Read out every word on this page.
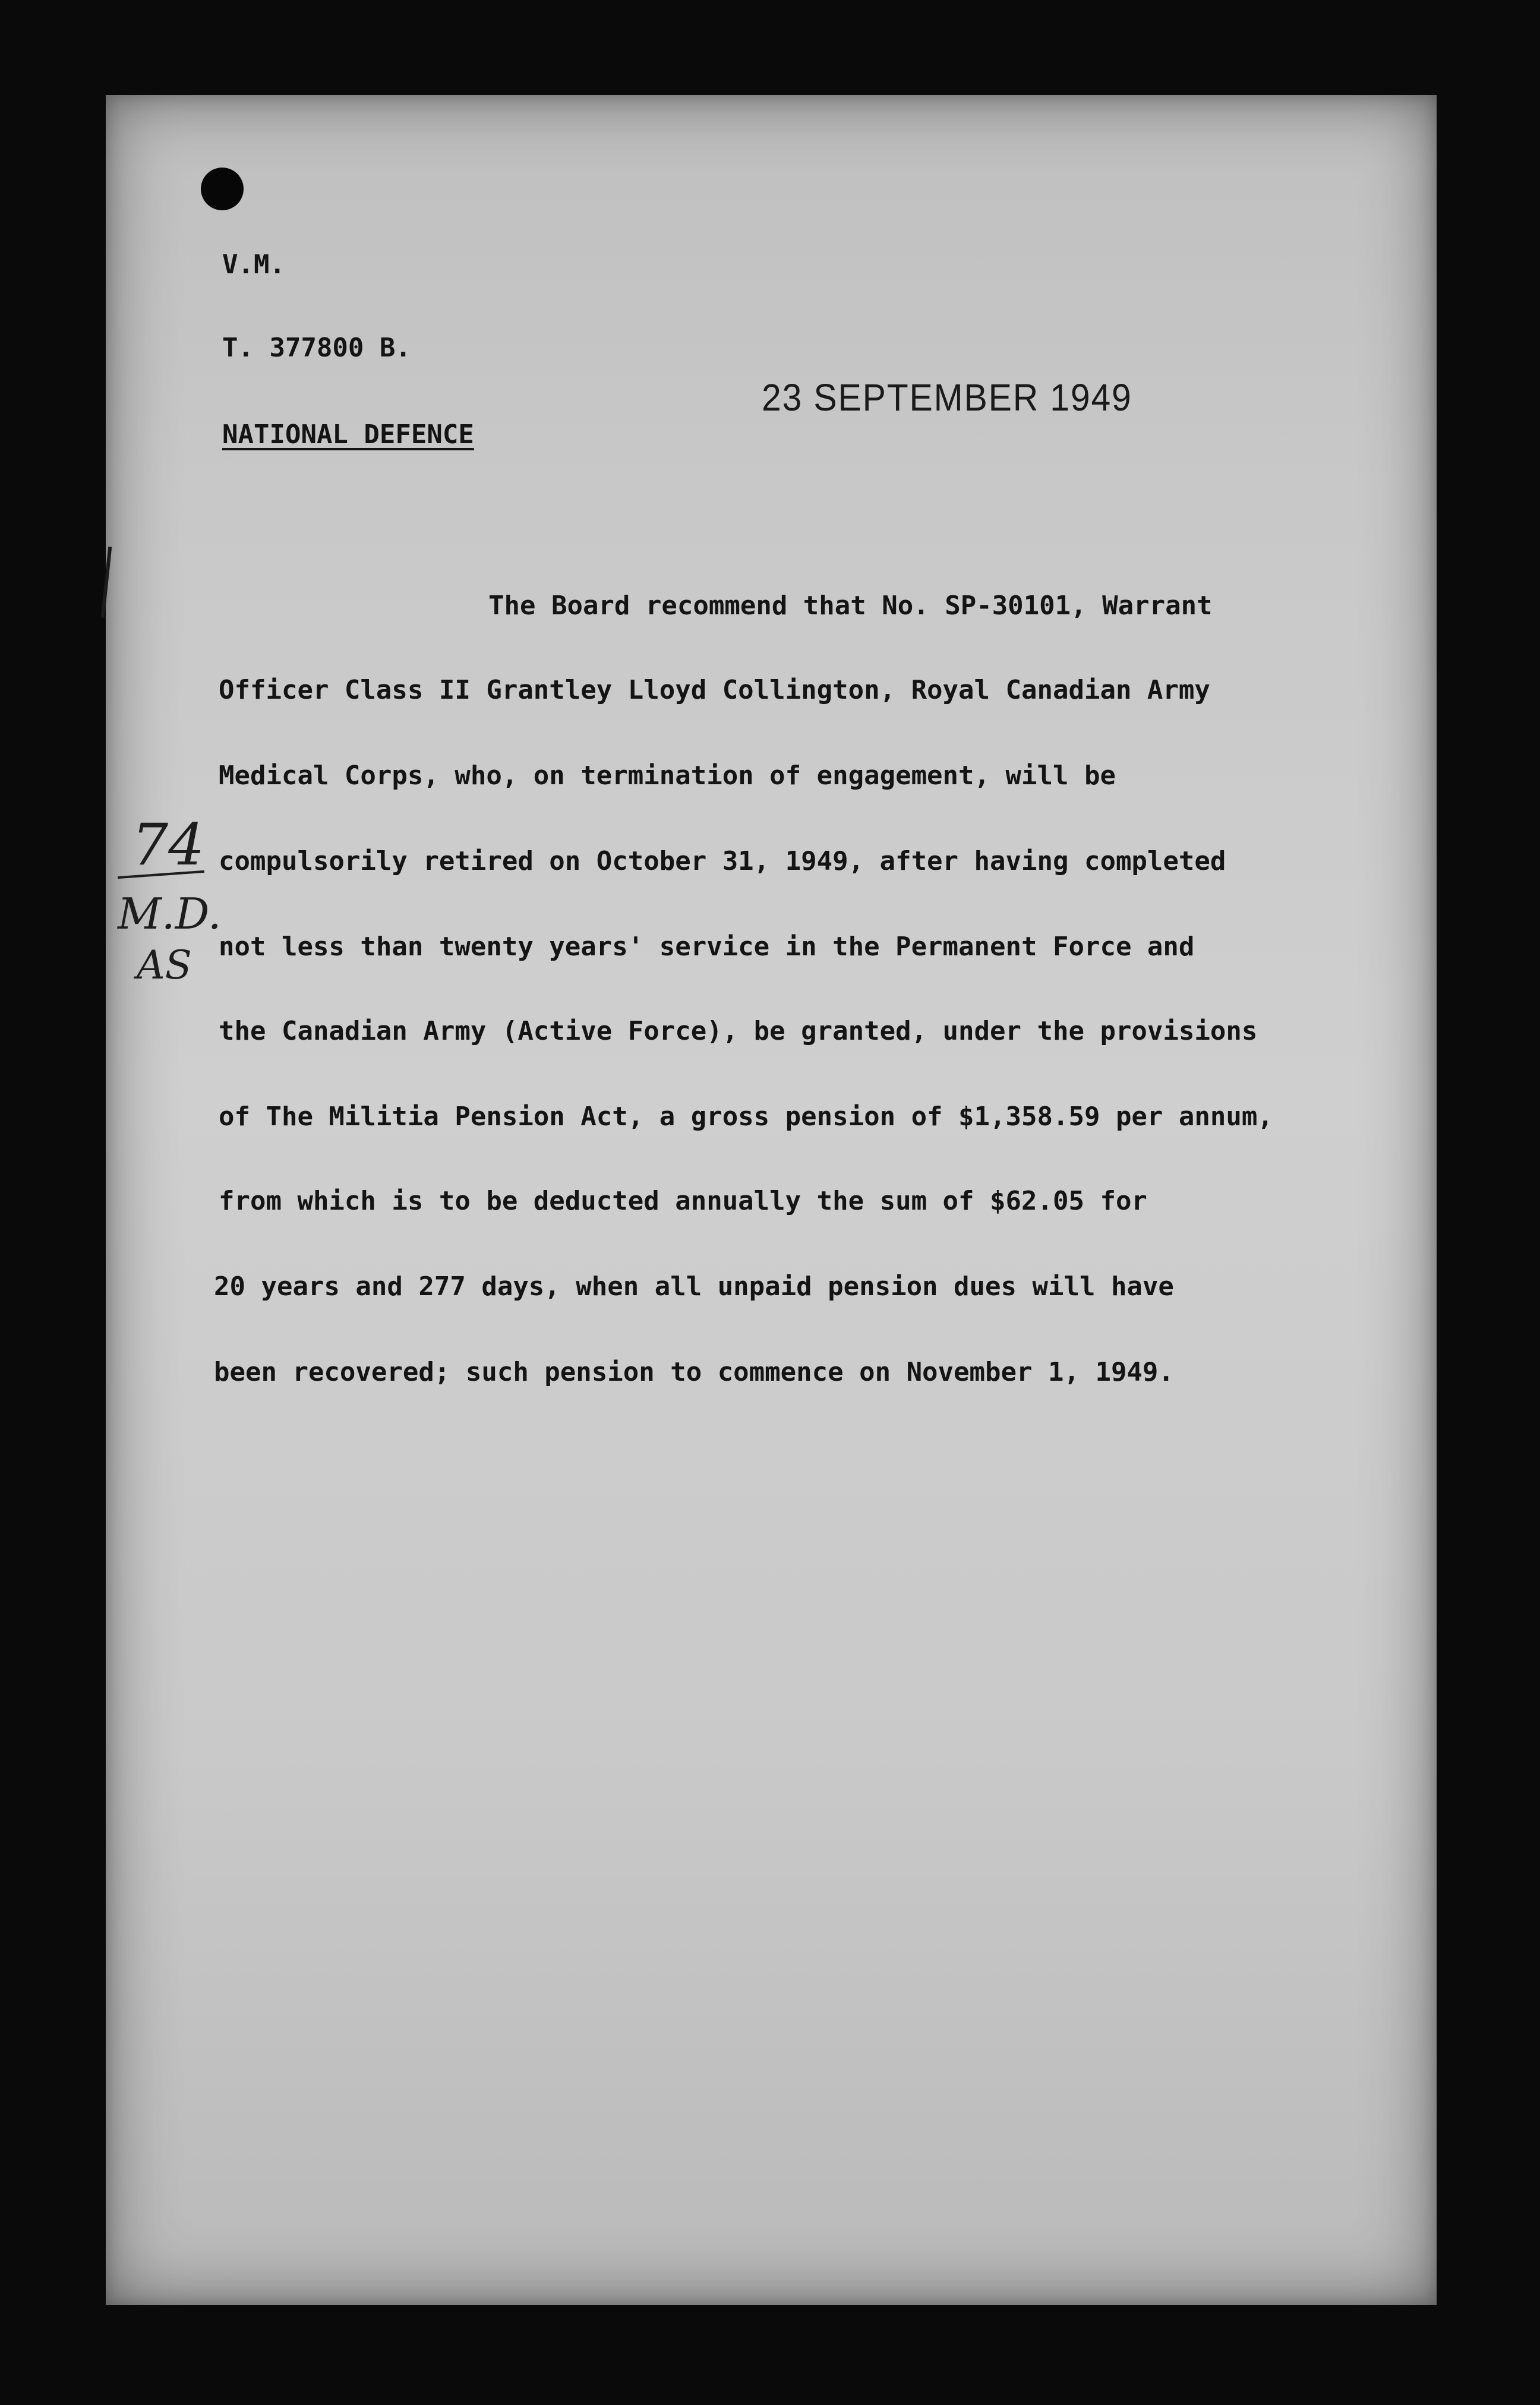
V.M.
T. 377800 B.
NATIONAL DEFENCE
23 SEPTEMBER 1949
The Board recommend that No. SP-30101, Warrant
Officer Class II Grantley Lloyd Collington, Royal Canadian Army
Medical Corps, who, on termination of engagement, will be
compulsorily retired on October 31, 1949, after having completed
not less than twenty years' service in the Permanent Force and
the Canadian Army (Active Force), be granted, under the provisions
of The Militia Pension Act, a gross pension of $1,358.59 per annum,
from which is to be deducted annually the sum of $62.05 for
20 years and 277 days, when all unpaid pension dues will have
been recovered; such pension to commence on November 1, 1949.
74
M.D.
AS
